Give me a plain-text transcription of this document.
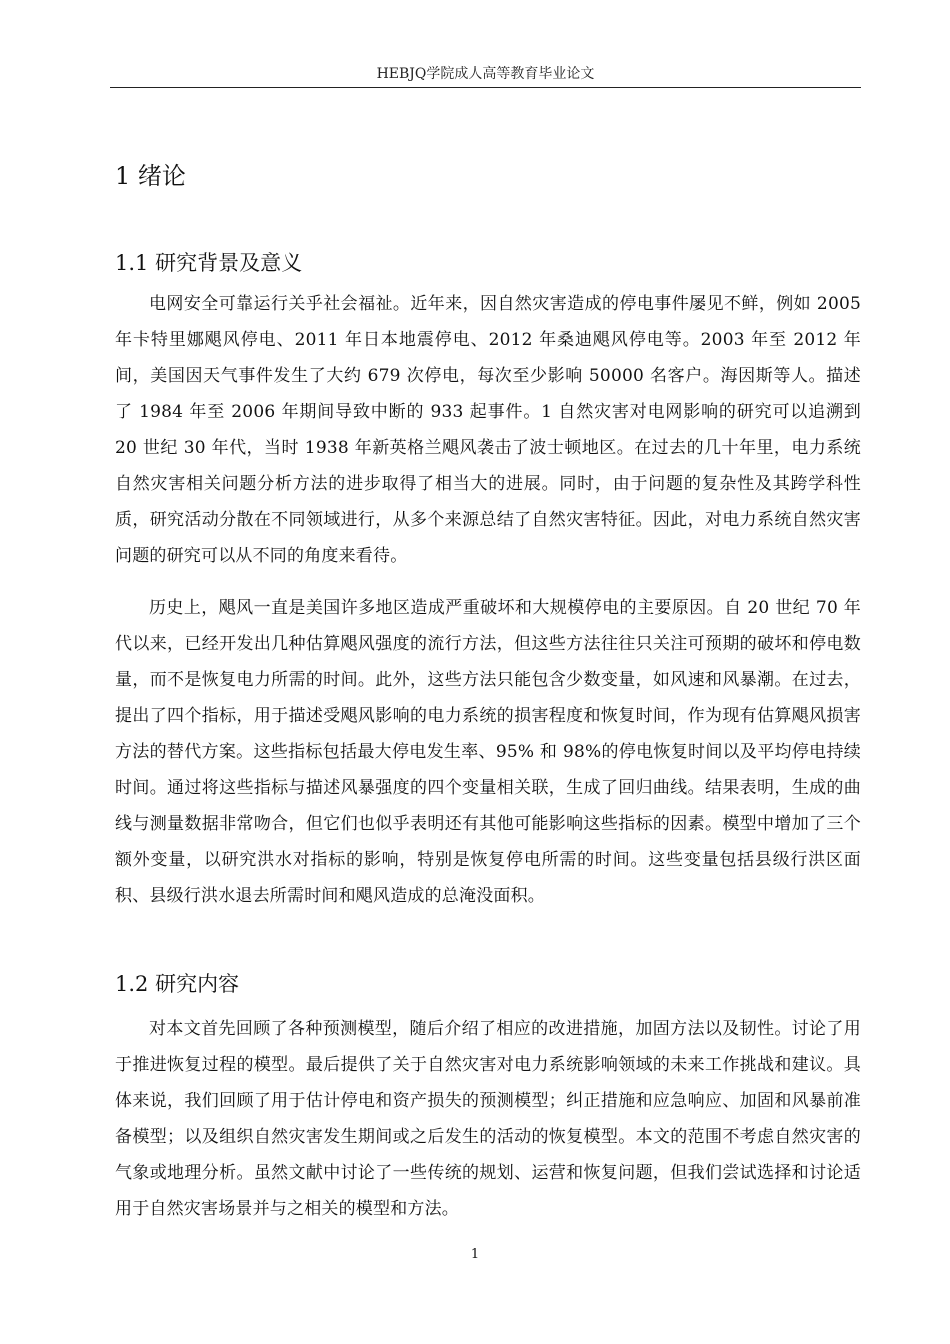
HEBJQ学院成人高等教育毕业论文
1 绪论
1.1 研究背景及意义

电网安全可靠运行关乎社会福祉。近年来，因自然灾害造成的停电事件屡见不鲜，例如 2005 年卡特里娜飓风停电、2011 年日本地震停电、2012 年桑迪飓风停电等。2003 年至 2012 年间，美国因天气事件发生了大约 679 次停电，每次至少影响 50000 名客户。海因斯等人。描述了 1984 年至 2006 年期间导致中断的 933 起事件。1 自然灾害对电网影响的研究可以追溯到 20 世纪 30 年代，当时 1938 年新英格兰飓风袭击了波士顿地区。在过去的几十年里，电力系统自然灾害相关问题分析方法的进步取得了相当大的进展。同时，由于问题的复杂性及其跨学科性质，研究活动分散在不同领域进行，从多个来源总结了自然灾害特征。因此，对电力系统自然灾害问题的研究可以从不同的角度来看待。

历史上，飓风一直是美国许多地区造成严重破坏和大规模停电的主要原因。自 20 世纪 70 年代以来，已经开发出几种估算飓风强度的流行方法，但这些方法往往只关注可预期的破坏和停电数量，而不是恢复电力所需的时间。此外，这些方法只能包含少数变量，如风速和风暴潮。在过去，提出了四个指标，用于描述受飓风影响的电力系统的损害程度和恢复时间，作为现有估算飓风损害方法的替代方案。这些指标包括最大停电发生率、95% 和 98%的停电恢复时间以及平均停电持续时间。通过将这些指标与描述风暴强度的四个变量相关联，生成了回归曲线。结果表明，生成的曲线与测量数据非常吻合，但它们也似乎表明还有其他可能影响这些指标的因素。模型中增加了三个额外变量，以研究洪水对指标的影响，特别是恢复停电所需的时间。这些变量包括县级行洪区面积、县级行洪水退去所需时间和飓风造成的总淹没面积。

1.2 研究内容

对本文首先回顾了各种预测模型，随后介绍了相应的改进措施，加固方法以及韧性。讨论了用于推进恢复过程的模型。最后提供了关于自然灾害对电力系统影响领域的未来工作挑战和建议。具体来说，我们回顾了用于估计停电和资产损失的预测模型；纠正措施和应急响应、加固和风暴前准备模型；以及组织自然灾害发生期间或之后发生的活动的恢复模型。本文的范围不考虑自然灾害的气象或地理分析。虽然文献中讨论了一些传统的规划、运营和恢复问题，但我们尝试选择和讨论适用于自然灾害场景并与之相关的模型和方法。

1
